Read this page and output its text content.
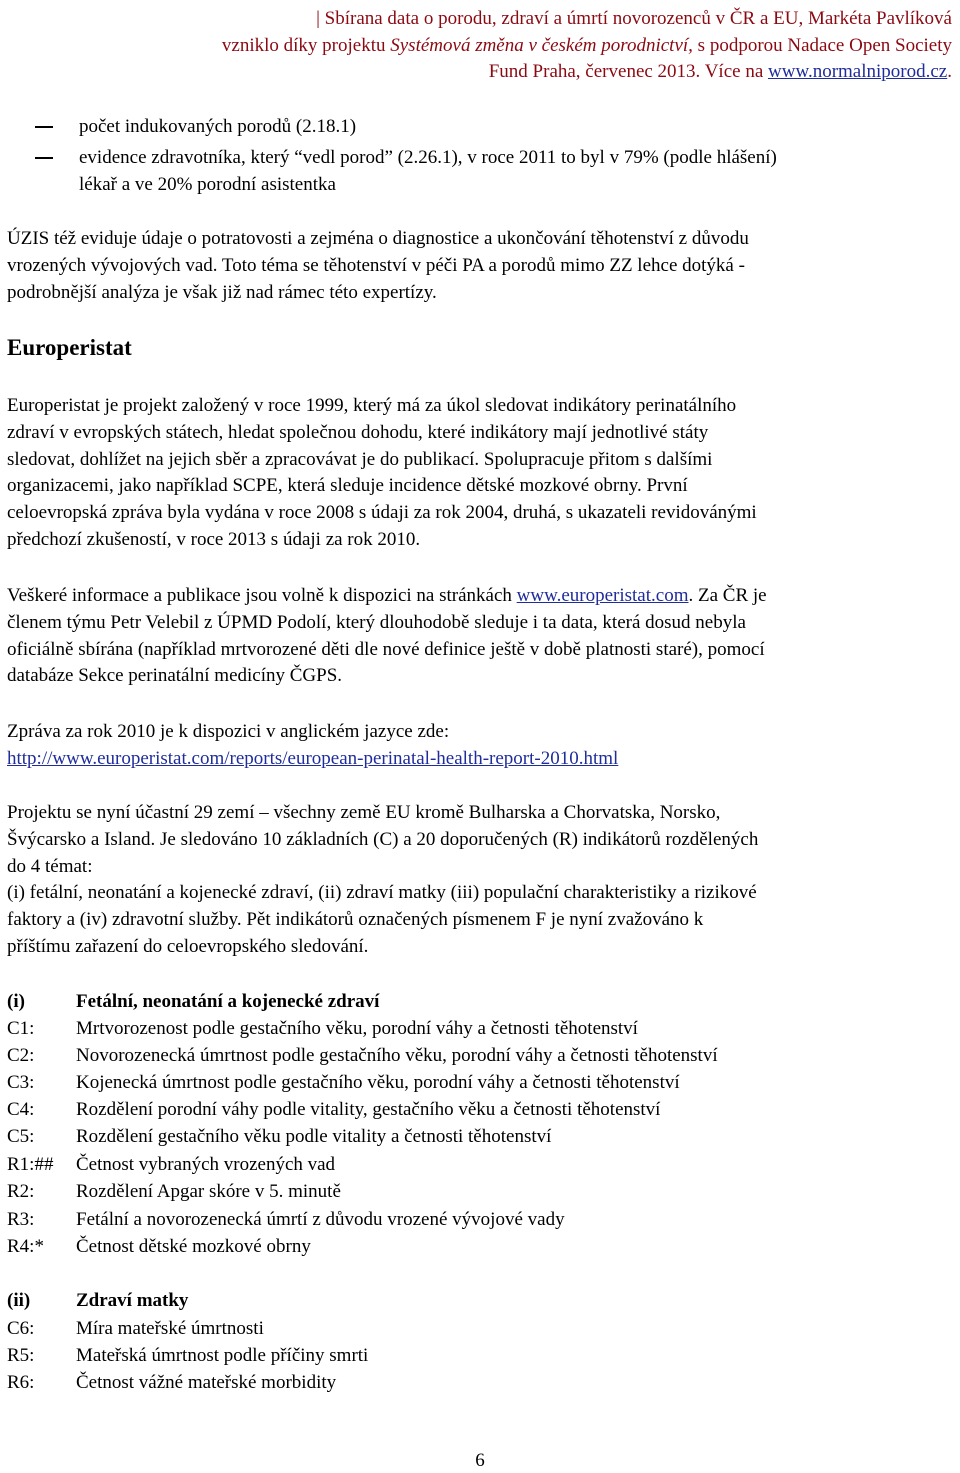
| Sbírana data o porodu, zdraví a úmrtí novorozenců v ČR a EU, Markéta Pavlíková
vzniklo díky projektu Systémová změna v českém porodnictví, s podporou Nadace Open Society
Fund Praha, červenec 2013. Více na www.normalniporod.cz.
počet indukovaných porodů (2.18.1)
evidence zdravotníka, který “vedl porod” (2.26.1), v roce 2011 to byl v 79% (podle hlášení)
lékař a ve 20% porodní asistentka
ÚZIS též eviduje údaje o potratovosti a zejména o diagnostice a ukončování těhotenství z důvodu
vrozených vývojových vad. Toto téma se těhotenství v péči PA a porodů mimo ZZ lehce dotýká -
podrobnější analýza je však již nad rámec této expertízy.
Europeristat
Europeristat je projekt založený v roce 1999, který má za úkol sledovat indikátory perinatálního
zdraví v evropských státech, hledat společnou dohodu, které indikátory mají jednotlivé státy
sledovat, dohlížet na jejich sběr a zpracovávat je do publikací. Spolupracuje přitom s dalšími
organizacemi, jako například SCPE, která sleduje incidence dětské mozkové obrny. První
celoevropská zpráva byla vydána v roce 2008 s údaji za rok 2004, druhá, s ukazateli revidovánými
předchozí zkušeností, v roce 2013 s údaji za rok 2010.
Veškeré informace a publikace jsou volně k dispozici na stránkách www.europeristat.com. Za ČR je
členem týmu Petr Velebil z ÚPMD Podolí, který dlouhodobě sleduje i ta data, která dosud nebyla
oficiálně sbírána (například mrtvorozené děti dle nové definice ještě v době platnosti staré), pomocí
databáze Sekce perinatální medicíny ČGPS.
Zpráva za rok 2010 je k dispozici v anglickém jazyce zde:
http://www.europeristat.com/reports/european-perinatal-health-report-2010.html
Projektu se nyní účastní 29 zemí – všechny země EU kromě Bulharska a Chorvatska, Norsko,
Švýcarsko a Island. Je sledováno 10 základních (C) a 20 doporučených (R) indikátorů rozdělených
do 4 témat:
(i) fetální, neonatání a kojenecké zdraví, (ii) zdraví matky (iii) populační charakteristiky a rizikové
faktory a (iv) zdravotní služby. Pět indikátorů označených písmenem F je nyní zvažováno k
příštímu zařazení do celoevropského sledování.
(i)	Fetální, neonatání a kojenecké zdraví
C1: Mrtvorozenost podle gestačního věku, porodní váhy a četnosti těhotenství
C2: Novorozenecká úmrtnost podle gestačního věku, porodní váhy a četnosti těhotenství
C3: Kojenecká úmrtnost podle gestačního věku, porodní váhy a četnosti těhotenství
C4: Rozdělení porodní váhy podle vitality, gestačního věku a četnosti těhotenství
C5: Rozdělení gestačního věku podle vitality a četnosti těhotenství
R1:## Četnost vybraných vrozených vad
R2: Rozdělení Apgar skóre v 5. minutě
R3: Fetální a novorozenecká úmrtí z důvodu vrozené vývojové vady
R4:* Četnost dětské mozkové obrny
(ii) Zdraví matky
C6: Míra mateřské úmrtnosti
R5: Mateřská úmrtnost podle příčiny smrti
R6: Četnost vážné mateřské morbidity
6
